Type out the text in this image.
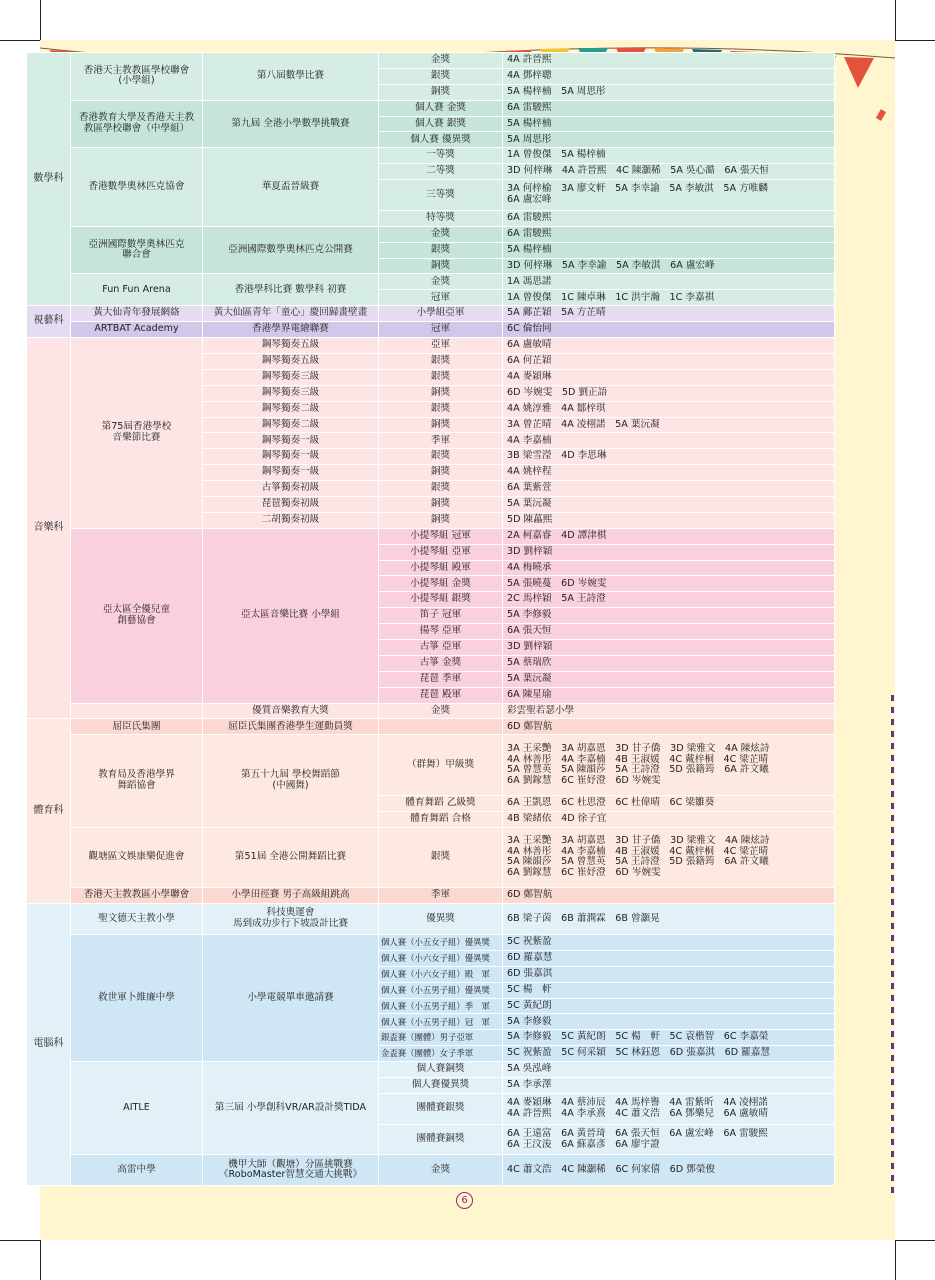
數學科	香港天主教教區學校聯會
(小學組)	第八屆數學比賽	金獎	4A 許晉熙
			銀獎	4A 鄧梓聰
			銅獎	5A 楊梓楠　5A 周思彤
	香港教育大學及香港天主教
教區學校聯會（中學組）	第九屆 全港小學數學挑戰賽	個人賽 金獎	6A 雷駿熙
			個人賽 銀獎	5A 楊梓楠
			個人賽 優異獎	5A 周思彤
	香港數學奧林匹克協會	華夏盃晉級賽	一等獎	1A 曾俊傑　5A 楊梓楠
			二等獎	3D 何梓琳　4A 許晉熙　4C 陳灝稀　5A 吳心澔　6A 張天恒
			三等獎	3A 何梓榆　3A 廖文軒　5A 李幸諭　5A 李敏淇　5A 方唯麟
6A 盧宏峰
			特等獎	6A 雷駿熙
	亞洲國際數學奧林匹克
聯合會	亞洲國際數學奧林匹克公開賽	金獎	6A 雷駿熙
			銀獎	5A 楊梓楠
			銅獎	3D 何梓琳　5A 李幸諭　5A 李敏淇　6A 盧宏峰
	Fun Fun Arena	香港學科比賽 數學科 初賽	金獎	1A 馮思諾
			冠軍	1A 曾俊傑　1C 陳卓琳　1C 洪宇瀚　1C 李嘉祺
視藝科	黃大仙青年發展網絡	黃大仙區青年「童心」慶回歸畫壁畫	小學組亞軍	5A 鄺芷穎　5A 方芷晴
	ARTBAT Academy	香港學界電繪聯賽	冠軍	6C 倫怡同
音樂科	第75屆香港學校
音樂節比賽	鋼琴獨奏五級	亞軍	6A 盧敏晴
		鋼琴獨奏五級	銀獎	6A 何芷穎
		鋼琴獨奏三級	銀獎	4A 麥穎琳
		鋼琴獨奏三級	銅獎	6D 岑婉雯　5D 劉正語
		鋼琴獨奏二級	銀獎	4A 姚淳雅　4A 鄒梓琪
		鋼琴獨奏二級	銅獎	3A 曾芷晴　4A 凌栩諾　5A 葉沅凝
		鋼琴獨奏一級	季軍	4A 李嘉楠
		鋼琴獨奏一級	銀獎	3B 梁雪瀅　4D 李思琳
		鋼琴獨奏一級	銅獎	4A 姚梓程
		古箏獨奏初級	銀獎	6A 葉紫萱
		琵琶獨奏初級	銅獎	5A 葉沅凝
		二胡獨奏初級	銅獎	5D 陳藟熙
	亞太區全優兒童
創藝協會	亞太區音樂比賽 小學組	小提琴組 冠軍	2A 柯嘉睿　4D 譚津棋
			小提琴組 亞軍	3D 劉梓穎
			小提琴組 殿軍	4A 梅曉承
			小提琴組 金獎	5A 張曉蔓　6D 岑婉雯
			小提琴組 銀獎	2C 馬梓穎　5A 王詩澄
			笛子 冠軍	5A 李修毅
			揚琴 亞軍	6A 張天恒
			古箏 亞軍	3D 劉梓穎
			古箏 金獎	5A 蔡瑞欣
			琵琶 季軍	5A 葉沅凝
			琵琶 殿軍	6A 陳星瑜
		優質音樂教育大獎	金獎	彩雲聖若瑟小學
體育科	屈臣氏集團	屈臣氏集團香港學生運動員獎		6D 鄭智航
	教育局及香港學界
舞蹈協會	第五十九屆 學校舞蹈節
(中國舞)	（群舞）甲級獎	3A 王采艷　3A 胡嘉恩　3D 甘子僑　3D 梁雅文　4A 陳炫詩
4A 林善彤　4A 李嘉楠　4B 王淑媛　4C 戴梓桐　4C 梁芷晴
5A 曾慧英　5A 陳韻莎　5A 王詩澄　5D 張籍筠　6A 許文曦
6A 劉鎵慧　6C 崔妤澄　6D 岑婉雯
			體育舞蹈 乙級獎	6A 王凱恩　6C 杜思澄　6C 杜偉晴　6C 梁雛葵
			體育舞蹈 合格	4B 梁緒依　4D 徐子宜
	觀塘區文娛康樂促進會	第51屆 全港公開舞蹈比賽	銀獎	3A 王采艷　3A 胡嘉恩　3D 甘子僑　3D 梁雅文　4A 陳炫詩
4A 林善彤　4A 李嘉楠　4B 王淑媛　4C 戴梓桐　4C 梁芷晴
5A 陳韻莎　5A 曾慧英　5A 王詩澄　5D 張籍筠　6A 許文曦
6A 劉鎵慧　6C 崔妤澄　6D 岑婉雯
	香港天主教教區小學聯會	小學田徑賽 男子高級組跳高	季軍	6D 鄭智航
電腦科	聖文德天主教小學	科技奧運會
馬到成功步行下坡設計比賽	優異獎	6B 梁子茵　6B 蕭澗霖　6B 曾灝晃
	救世軍卜維廉中學	小學電競單車邀請賽	個人賽（小五女子組）優異獎	5C 祝紫盈
			個人賽（小六女子組）優異獎	6D 羅嘉慧
			個人賽（小六女子組）殿　軍	6D 張嘉淇
			個人賽（小五男子組）優異獎	5C 楊　軒
			個人賽（小五男子組）季　軍	5C 黃紀朗
			個人賽（小五男子組）冠　軍	5A 李修毅
			銀盃賽（團體）男子亞軍	5A 李修毅　5C 黃紀朗　5C 楊　軒　5C 袁楷智　6C 李嘉榮
			金盃賽（團體）女子季軍	5C 祝紫盈　5C 何采穎　5C 林鈺恩　6D 張嘉淇　6D 羅嘉慧
	AITLE	第三屆 小學創科VR/AR設計獎TIDA	個人賽銅獎	5A 吳泓峰
			個人賽優異獎	5A 李承澤
			團體賽銀獎	4A 麥穎琳　4A 蔡沛辰　4A 馬梓譽　4A 雷紫昕　4A 凌栩諾
4A 許晉熙　4A 李承熹　4C 蕭文浩　6A 鄧樂兒　6A 盧敏晴
			團體賽銅獎	6A 王遠富　6A 黃晉琦　6A 張天恒　6A 盧宏峰　6A 雷駿熙
6A 王汶浚　6A 蘇嘉彥　6A 廖宇證
	高雷中學	機甲大師（觀塘）分區挑戰賽
《RoboMaster智慧交通大挑戰》	金獎	4C 蕭文浩　4C 陳灝稀　6C 何家僖　6D 鄧榮俊
6
